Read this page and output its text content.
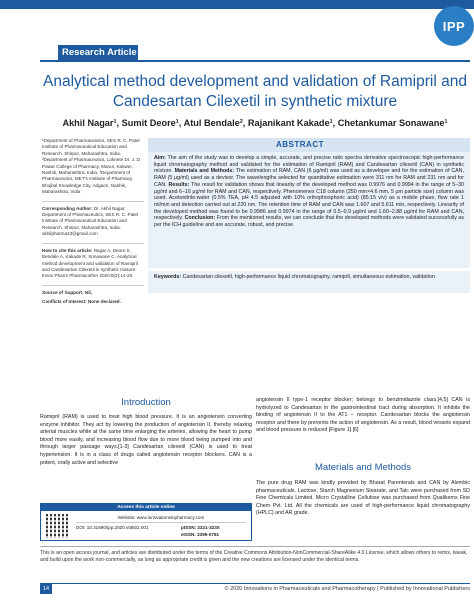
IPP
Research Article
Analytical method development and validation of Ramipril and Candesartan Cilexetil in synthetic mixture
Akhil Nagar¹, Sumit Deore¹, Atul Bendale², Rajanikant Kakade¹, Chetankumar Sonawane¹

¹Department of Pharmaceutics, SES R. C. Patel Institute of Pharmaceutical Education and Research, Shirpur, Maharashtra, India. ²Department of Pharmaceutics, Loknete Dr. J. D. Pawar College of Pharmacy, Manur, Kalwan, Nashik, Maharashtra, India. ³Department of Pharmaceutics, MET's Institute of Pharmacy, Bhujbal Knowledge City, Adgaon, Nashik, Maharashtra, India

Corresponding Author: Dr. Akhil Nagar, Department of Pharmaceutics, SES R. C. Patel Institute of Pharmaceutical Education and Research, Shirpur, Maharashtra, India. akhilpharma23@gmail.com

How to cite this article: Nagar A, Deore S, Bendale A, Kakade R, Sonawane C. Analytical method development and validation of Ramipril and Candesartan Cilexetil in synthetic mixture. Innov Pharm Pharmacother 2020;8(2):14-20.

Source of Support: Nil,

Conflicts of Interest: None declared.

ABSTRACT
Aim: The aim of the study was to develop a simple, accurate, and precise ratio spectra derivative spectroscopic high-performance liquid chromatography method and validated for the estimation of Ramipril (RAM) and Candesartan cilexetil (CAN) in synthetic mixture. Materials and Methods: The estimation of RAM, CAN (6 μg/ml) was used as a developer and for the estimation of CAN, RAM (5 μg/ml) used as a devisor. The wavelengths selected for quantitative estimation were 311 nm for RAM and 231 nm and for CAN. Results: The result for validation shows that linearity of the developed method was 0.9976 and 0.9994 in the range of 5–30 μg/ml and 6–16 μg/ml for RAM and CAN, respectively. Phenomenex C18 column (250 mm×4.6 mm, 5 μm particle size) column was used. Acetonitrile:water (0.5% TEA, pH 4.5 adjusted with 10% orthophosphoric acid) (85:15 v/v) as a mobile phase, flow rate 1 ml/min and detection carried out at 220 nm. The retention time of RAM and CAN was 1.607 and 5.611 min, respectively. Linearity of the developed method was found to be 0.9986 and 0.9974 in the range of 0.5–0.9 μg/ml and 1.60–2.88 μg/ml for RAM and CAN, respectively. Conclusion: From the mentioned results, we can conclude that the developed methods were validated successfully as per the ICH guideline and are accurate, robust, and precise.
Keywords: Candesartan cilexetil, high-performance liquid chromatography, ramipril, simultaneous estimation, validation
Introduction
Ramipril (RAM) is used to treat high blood pressure. It is an angiotensin converting enzyme inhibitor. They act by lowering the production of angiotensin II, thereby relaxing arterial muscles while at the same time enlarging the arteries, allowing the heart to pump blood more easily, and increasing blood flow due to more blood being pumped into and through larger passage ways.[1-3] Candesartan cilexetil (CAN) is used to treat hypertension. It is in a class of drugs called angiotensin receptor blockers. CAN is a potent, orally active and selective
angiotensin II type-1 receptor blocker; belongs to benzimidazole class.[4,5] CAN is hydrolyzed to Candesartan in the gastrointestinal tract during absorption. It inhibits the binding of angiotensin II to the AT1 – receptor. Candesartan blocks the angiotensin receptor and there by prevents the action of angiotensin. As a result, blood vessels expand and blood pressure is reduced [Figure 1].[6]
Materials and Methods
The pure drug RAM was kindly provided by Bharat Parenterals and CAN by Alembic pharmaceuticals. Lactose, Starch Magnesium Stearate, and Talc were purchased from SD Fine Chemicals Limited. Micro Crystalline Cellulose was purchased from Qualikems Fine Chem Pvt. Ltd. All the chemicals are used of high-performance liquid chromatography (HPLC) and AR grade.
Access this article online
Website: www.innovationsinpharmacy.com
DOI: 10.31690/ipp.2020.v08i02.001	pISSN: 2321-323X
eISSN: 2395-0781
This is an open access journal, and articles are distributed under the terms of the Creative Commons Attribution-NonCommercial-ShareAlike 4.0 License, which allows others to remix, tweak, and build upon the work non-commercially, as long as appropriate credit is given and the new creations are licensed under the identical terms.
14	© 2020 Innovations in Pharmaceuticals and Pharmacotherapy | Published by Innovational Publishers
